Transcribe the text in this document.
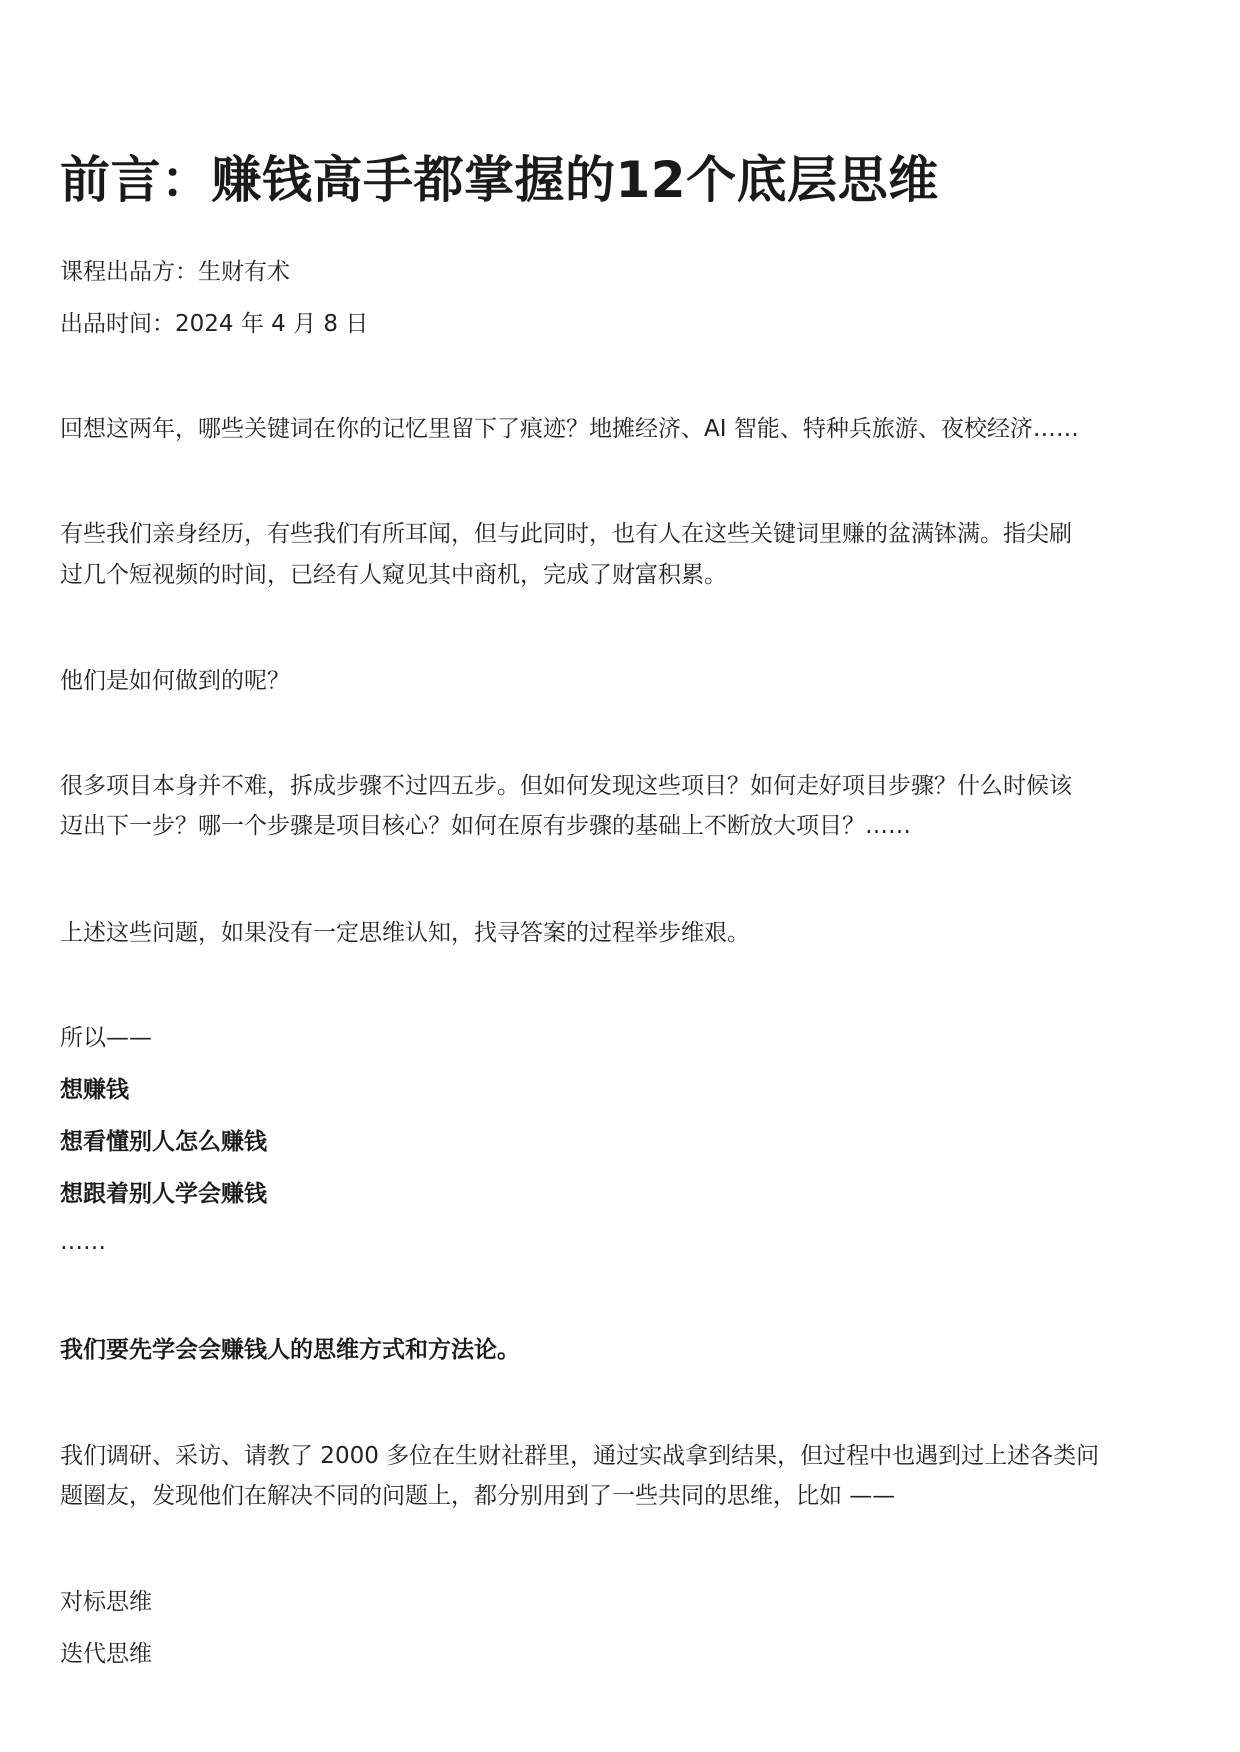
前言：赚钱高手都掌握的12个底层思维

课程出品方：生财有术

出品时间：2024 年 4 月 8 日

回想这两年，哪些关键词在你的记忆里留下了痕迹？地摊经济、AI 智能、特种兵旅游、夜校经济……

有些我们亲身经历，有些我们有所耳闻，但与此同时，也有人在这些关键词里赚的盆满钵满。指尖刷

过几个短视频的时间，已经有人窥见其中商机，完成了财富积累。

他们是如何做到的呢？

很多项目本身并不难，拆成步骤不过四五步。但如何发现这些项目？如何走好项目步骤？什么时候该

迈出下一步？哪一个步骤是项目核心？如何在原有步骤的基础上不断放大项目？……

上述这些问题，如果没有一定思维认知，找寻答案的过程举步维艰。

所以——

想赚钱

想看懂别人怎么赚钱

想跟着别人学会赚钱

……

我们要先学会会赚钱人的思维方式和方法论。

我们调研、采访、请教了 2000 多位在生财社群里，通过实战拿到结果，但过程中也遇到过上述各类问

题圈友，发现他们在解决不同的问题上，都分别用到了一些共同的思维，比如 ——

对标思维

迭代思维
